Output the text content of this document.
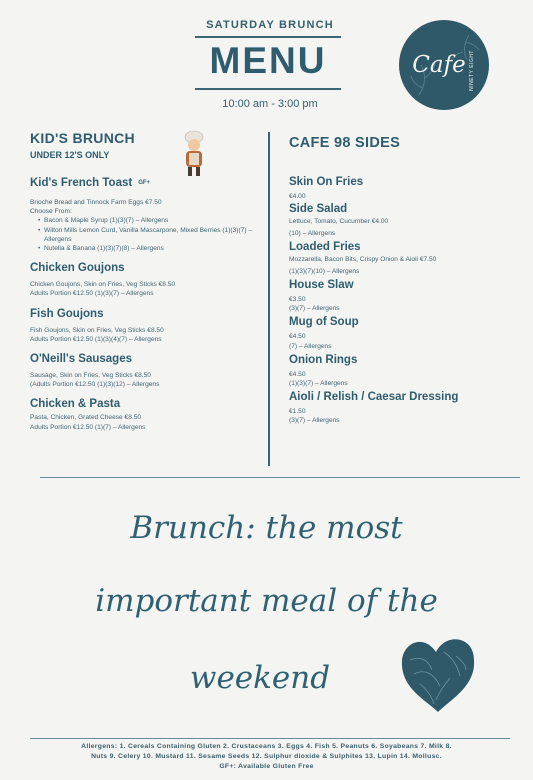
SATURDAY BRUNCH
MENU
10:00 am - 3:00 pm
Cafe NINETY EIGHT
KID'S BRUNCH
UNDER 12'S ONLY
Kid's French Toast GF+
Brioche Bread and Tinnock Farm Eggs €7.50
Choose From:
• Bacon & Maple Syrup (1)(3)(7) – Allergens
• Wilton Mills Lemon Curd, Vanilla Mascarpone, Mixed Berries (1)(3)(7) – Allergens
• Nutella & Banana (1)(3)(7)(8) – Allergens
Chicken Goujons
Chicken Goujons, Skin on Fries, Veg Sticks €8.50
Adults Portion €12.50 (1)(3)(7) – Allergens
Fish Goujons
Fish Goujons, Skin on Fries, Veg Sticks €8.50
Adults Portion €12.50 (1)(3)(4)(7) – Allergens
O'Neill's Sausages
Sausage, Skin on Fries, Veg Sticks €8.50
(Adults Portion €12.50 (1)(3)(12) – Allergens
Chicken & Pasta
Pasta, Chicken, Grated Cheese €8.50
Adults Portion €12.50 (1)(7) – Allergens
CAFE 98 SIDES
Skin On Fries
€4.00
Side Salad
Lettuce, Tomato, Cucumber €4.00
(10) – Allergens
Loaded Fries
Mozzarella, Bacon Bits, Crispy Onion & Aioli €7.50
(1)(3)(7)(10) – Allergens
House Slaw
€3.50
(3)(7) – Allergens
Mug of Soup
€4.50
(7) – Allergens
Onion Rings
€4.50
(1)(3)(7) – Allergens
Aioli / Relish / Caesar Dressing
€1.50
(3)(7) – Allergens
Brunch: the most
important meal of the
weekend
Allergens: 1. Cereals Containing Gluten 2. Crustaceans 3. Eggs 4. Fish 5. Peanuts 6. Soyabeans 7. Milk 8.
Nuts 9. Celery 10. Mustard 11. Sesame Seeds 12. Sulphur dioxide & Sulphites 13. Lupin 14. Mollusc.
GF+: Available Gluten Free
